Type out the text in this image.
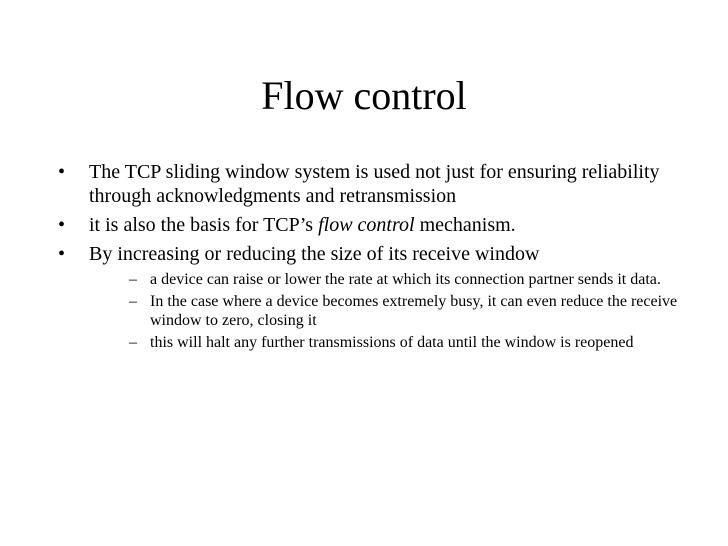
Flow control
• The TCP sliding window system is used not just for ensuring reliability through acknowledgments and retransmission
• it is also the basis for TCP’s flow control mechanism.
• By increasing or reducing the size of its receive window
– a device can raise or lower the rate at which its connection partner sends it data.
– In the case where a device becomes extremely busy, it can even reduce the receive window to zero, closing it
– this will halt any further transmissions of data until the window is reopened
